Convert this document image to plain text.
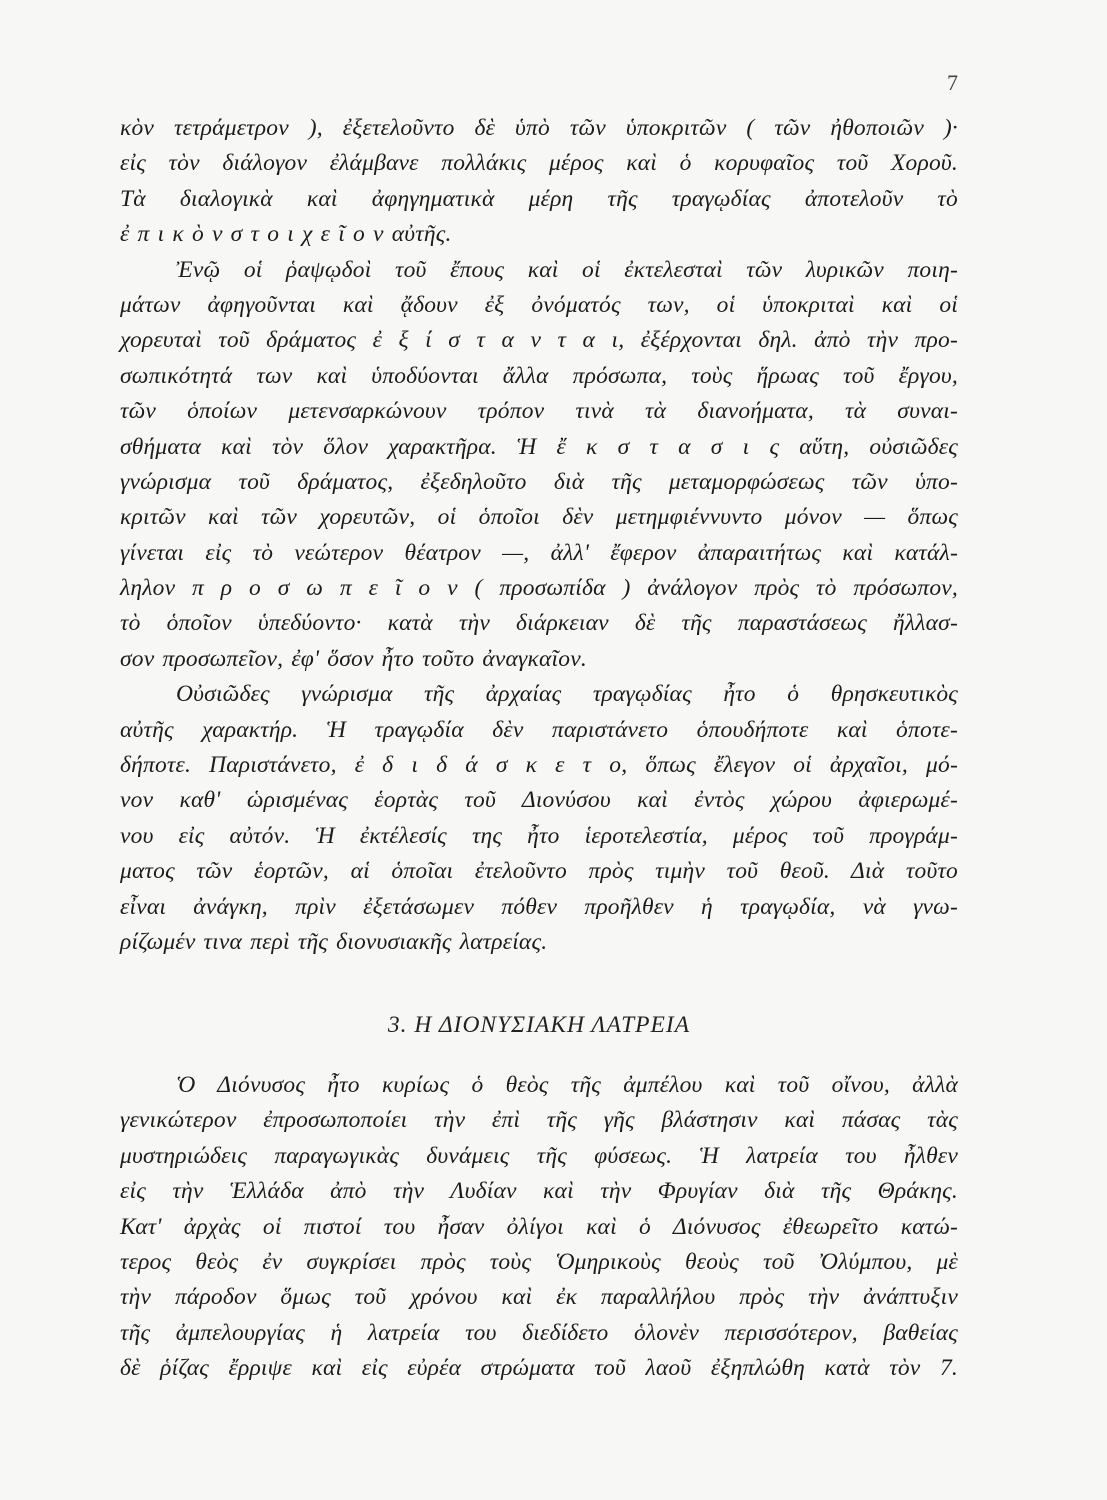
7
κὸν τετράμετρον ), ἐξετελοῦντο δὲ ὑπὸ τῶν ὑποκριτῶν ( τῶν ἠθοποιῶν )·
εἰς τὸν διάλογον ἐλάμβανε πολλάκις μέρος καὶ ὁ κορυφαῖος τοῦ Χοροῦ.
Τὰ διαλογικὰ καὶ ἀφηγηματικὰ μέρη τῆς τραγῳδίας ἀποτελοῦν τὸ
ἐ π ι κ ὸ ν σ τ ο ι χ ε ῖ ο ν αὐτῆς.
Ἐνῷ οἱ ῥαψῳδοὶ τοῦ ἔπους καὶ οἱ ἐκτελεσταὶ τῶν λυρικῶν ποιη-
μάτων ἀφηγοῦνται καὶ ᾄδουν ἐξ ὀνόματός των, οἱ ὑποκριταὶ καὶ οἱ
χορευταὶ τοῦ δράματος ἐ ξ ί σ τ α ν τ α ι, ἐξέρχονται δηλ. ἀπὸ τὴν προ-
σωπικότητά των καὶ ὑποδύονται ἄλλα πρόσωπα, τοὺς ἥρωας τοῦ ἔργου,
τῶν ὁποίων μετενσαρκώνουν τρόπον τινὰ τὰ διανοήματα, τὰ συναι-
σθήματα καὶ τὸν ὅλον χαρακτῆρα. Ἡ ἔ κ σ τ α σ ι ς αὕτη, οὐσιῶδες
γνώρισμα τοῦ δράματος, ἐξεδηλοῦτο διὰ τῆς μεταμορφώσεως τῶν ὑπο-
κριτῶν καὶ τῶν χορευτῶν, οἱ ὁποῖοι δὲν μετημφιέννυντο μόνον — ὅπως
γίνεται εἰς τὸ νεώτερον θέατρον —, ἀλλ' ἔφερον ἀπαραιτήτως καὶ κατάλ-
ληλον π ρ ο σ ω π ε ῖ ο ν ( προσωπίδα ) ἀνάλογον πρὸς τὸ πρόσωπον,
τὸ ὁποῖον ὑπεδύοντο· κατὰ τὴν διάρκειαν δὲ τῆς παραστάσεως ἤλλασ-
σον προσωπεῖον, ἐφ' ὅσον ἦτο τοῦτο ἀναγκαῖον.
Οὐσιῶδες γνώρισμα τῆς ἀρχαίας τραγῳδίας ἦτο ὁ θρησκευτικὸς
αὐτῆς χαρακτήρ. Ἡ τραγῳδία δὲν παριστάνετο ὁπουδήποτε καὶ ὁποτε-
δήποτε. Παριστάνετο, ἐ δ ι δ ά σ κ ε τ ο, ὅπως ἔλεγον οἱ ἀρχαῖοι, μό-
νον καθ' ὡρισμένας ἑορτὰς τοῦ Διονύσου καὶ ἐντὸς χώρου ἀφιερωμέ-
νου εἰς αὐτόν. Ἡ ἐκτέλεσίς της ἦτο ἱεροτελεστία, μέρος τοῦ προγράμ-
ματος τῶν ἑορτῶν, αἱ ὁποῖαι ἐτελοῦντο πρὸς τιμὴν τοῦ θεοῦ. Διὰ τοῦτο
εἶναι ἀνάγκη, πρὶν ἐξετάσωμεν πόθεν προῆλθεν ἡ τραγῳδία, νὰ γνω-
ρίζωμέν τινα περὶ τῆς διονυσιακῆς λατρείας.
3. Η ΔΙΟΝΥΣΙΑΚΗ ΛΑΤΡΕΙΑ
Ὁ Διόνυσος ἦτο κυρίως ὁ θεὸς τῆς ἀμπέλου καὶ τοῦ οἴνου, ἀλλὰ
γενικώτερον ἐπροσωποποίει τὴν ἐπὶ τῆς γῆς βλάστησιν καὶ πάσας τὰς
μυστηριώδεις παραγωγικὰς δυνάμεις τῆς φύσεως. Ἡ λατρεία του ἦλθεν
εἰς τὴν Ἑλλάδα ἀπὸ τὴν Λυδίαν καὶ τὴν Φρυγίαν διὰ τῆς Θράκης.
Κατ' ἀρχὰς οἱ πιστοί του ἦσαν ὀλίγοι καὶ ὁ Διόνυσος ἐθεωρεῖτο κατώ-
τερος θεὸς ἐν συγκρίσει πρὸς τοὺς Ὁμηρικοὺς θεοὺς τοῦ Ὀλύμπου, μὲ
τὴν πάροδον ὅμως τοῦ χρόνου καὶ ἐκ παραλλήλου πρὸς τὴν ἀνάπτυξιν
τῆς ἀμπελουργίας ἡ λατρεία του διεδίδετο ὁλονὲν περισσότερον, βαθείας
δὲ ῥίζας ἔρριψε καὶ εἰς εὐρέα στρώματα τοῦ λαοῦ ἐξηπλώθη κατὰ τὸν 7.
